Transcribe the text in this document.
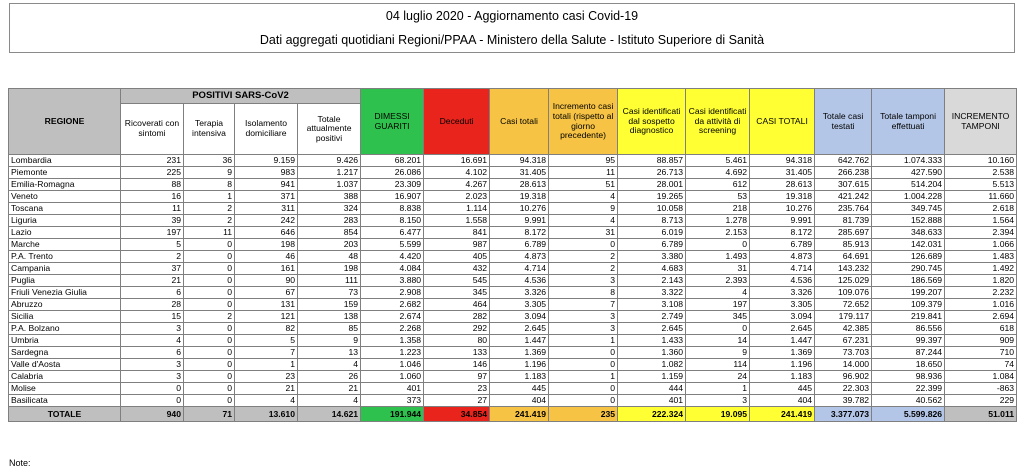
04 luglio 2020 - Aggiornamento casi Covid-19
Dati aggregati quotidiani Regioni/PPAA - Ministero della Salute - Istituto Superiore di Sanità
REGIONE	POSITIVI SARS-CoV2				DIMESSI GUARITI	Deceduti	Casi totali	Incremento casi totali (rispetto al giorno precedente)	Casi identificati dal sospetto diagnostico	Casi identificati da attività di screening	CASI TOTALI	Totale casi testati	Totale tamponi effettuati	INCREMENTO TAMPONI
	Ricoverati con sintomi	Terapia intensiva	Isolamento domiciliare	Totale attualmente positivi										
Lombardia	231	36	9.159	9.426	68.201	16.691	94.318	95	88.857	5.461	94.318	642.762	1.074.333	10.160
Piemonte	225	9	983	1.217	26.086	4.102	31.405	11	26.713	4.692	31.405	266.238	427.590	2.538
Emilia-Romagna	88	8	941	1.037	23.309	4.267	28.613	51	28.001	612	28.613	307.615	514.204	5.513
Veneto	16	1	371	388	16.907	2.023	19.318	4	19.265	53	19.318	421.242	1.004.228	11.660
Toscana	11	2	311	324	8.838	1.114	10.276	9	10.058	218	10.276	235.764	349.745	2.618
Liguria	39	2	242	283	8.150	1.558	9.991	4	8.713	1.278	9.991	81.739	152.888	1.564
Lazio	197	11	646	854	6.477	841	8.172	31	6.019	2.153	8.172	285.697	348.633	2.394
Marche	5	0	198	203	5.599	987	6.789	0	6.789	0	6.789	85.913	142.031	1.066
P.A. Trento	2	0	46	48	4.420	405	4.873	2	3.380	1.493	4.873	64.691	126.689	1.483
Campania	37	0	161	198	4.084	432	4.714	2	4.683	31	4.714	143.232	290.745	1.492
Puglia	21	0	90	111	3.880	545	4.536	3	2.143	2.393	4.536	125.029	186.569	1.820
Friuli Venezia Giulia	6	0	67	73	2.908	345	3.326	8	3.322	4	3.326	109.076	199.207	2.232
Abruzzo	28	0	131	159	2.682	464	3.305	7	3.108	197	3.305	72.652	109.379	1.016
Sicilia	15	2	121	138	2.674	282	3.094	3	2.749	345	3.094	179.117	219.841	2.694
P.A. Bolzano	3	0	82	85	2.268	292	2.645	3	2.645	0	2.645	42.385	86.556	618
Umbria	4	0	5	9	1.358	80	1.447	1	1.433	14	1.447	67.231	99.397	909
Sardegna	6	0	7	13	1.223	133	1.369	0	1.360	9	1.369	73.703	87.244	710
Valle d'Aosta	3	0	1	4	1.046	146	1.196	0	1.082	114	1.196	14.000	18.650	74
Calabria	3	0	23	26	1.060	97	1.183	1	1.159	24	1.183	96.902	98.936	1.084
Molise	0	0	21	21	401	23	445	0	444	1	445	22.303	22.399	-863
Basilicata	0	0	4	4	373	27	404	0	401	3	404	39.782	40.562	229
TOTALE	940	71	13.610	14.621	191.944	34.854	241.419	235	222.324	19.095	241.419	3.377.073	5.599.826	51.011
Note:
